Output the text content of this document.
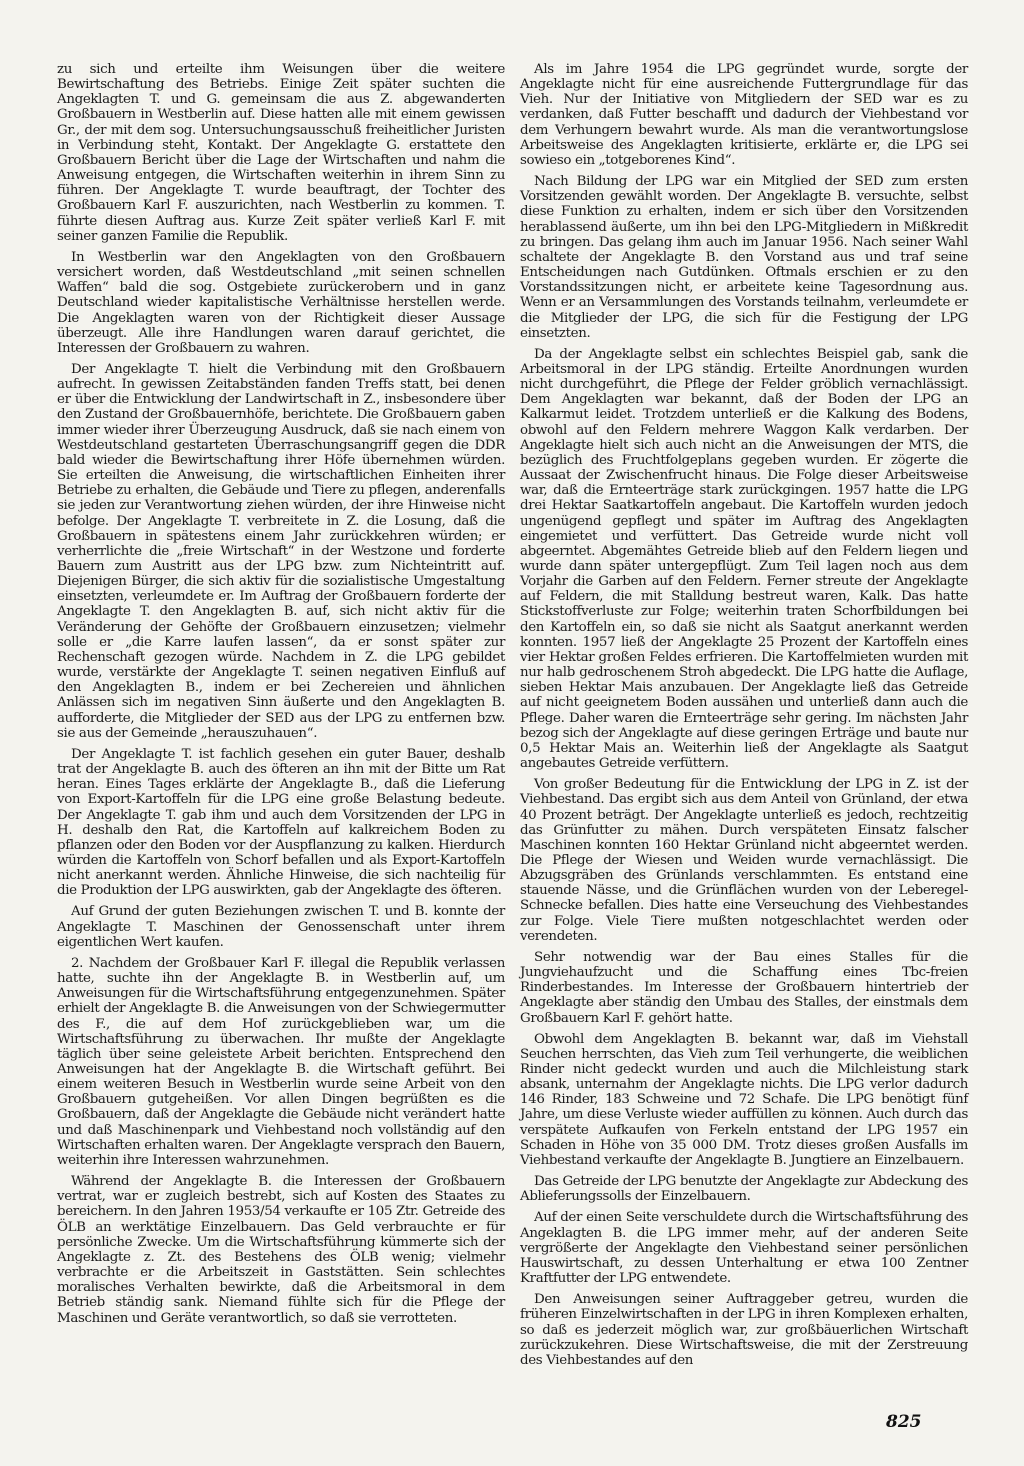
zu sich und erteilte ihm Weisungen über die weitere Bewirtschaftung des Betriebs. Einige Zeit später suchten die Angeklagten T. und G. gemeinsam die aus Z. abgewanderten Großbauern in Westberlin auf. Diese hatten alle mit einem gewissen Gr., der mit dem sog. Untersuchungsausschuß freiheitlicher Juristen in Verbindung steht, Kontakt. Der Angeklagte G. erstattete den Großbauern Bericht über die Lage der Wirtschaften und nahm die Anweisung entgegen, die Wirtschaften weiterhin in ihrem Sinn zu führen. Der Angeklagte T. wurde beauftragt, der Tochter des Großbauern Karl F. auszurichten, nach Westberlin zu kommen. T. führte diesen Auftrag aus. Kurze Zeit später verließ Karl F. mit seiner ganzen Familie die Republik.

In Westberlin war den Angeklagten von den Großbauern versichert worden, daß Westdeutschland „mit seinen schnellen Waffen“ bald die sog. Ostgebiete zurückerobern und in ganz Deutschland wieder kapitalistische Verhältnisse herstellen werde. Die Angeklagten waren von der Richtigkeit dieser Aussage überzeugt. Alle ihre Handlungen waren darauf gerichtet, die Interessen der Großbauern zu wahren.

Der Angeklagte T. hielt die Verbindung mit den Großbauern aufrecht. In gewissen Zeitabständen fanden Treffs statt, bei denen er über die Entwicklung der Landwirtschaft in Z., insbesondere über den Zustand der Großbauernhöfe, berichtete. Die Großbauern gaben immer wieder ihrer Überzeugung Ausdruck, daß sie nach einem von Westdeutschland gestarteten Überraschungsangriff gegen die DDR bald wieder die Bewirtschaftung ihrer Höfe übernehmen würden. Sie erteilten die Anweisung, die wirtschaftlichen Einheiten ihrer Betriebe zu erhalten, die Gebäude und Tiere zu pflegen, anderenfalls sie jeden zur Verantwortung ziehen würden, der ihre Hinweise nicht befolge. Der Angeklagte T. verbreitete in Z. die Losung, daß die Großbauern in spätestens einem Jahr zurückkehren würden; er verherrlichte die „freie Wirtschaft“ in der Westzone und forderte Bauern zum Austritt aus der LPG bzw. zum Nichteintritt auf. Diejenigen Bürger, die sich aktiv für die sozialistische Umgestaltung einsetzten, verleumdete er. Im Auftrag der Großbauern forderte der Angeklagte T. den Angeklagten B. auf, sich nicht aktiv für die Veränderung der Gehöfte der Großbauern einzusetzen; vielmehr solle er „die Karre laufen lassen“, da er sonst später zur Rechenschaft gezogen würde. Nachdem in Z. die LPG gebildet wurde, verstärkte der Angeklagte T. seinen negativen Einfluß auf den Angeklagten B., indem er bei Zechereien und ähnlichen Anlässen sich im negativen Sinn äußerte und den Angeklagten B. aufforderte, die Mitglieder der SED aus der LPG zu entfernen bzw. sie aus der Gemeinde „herauszuhauen“.

Der Angeklagte T. ist fachlich gesehen ein guter Bauer, deshalb trat der Angeklagte B. auch des öfteren an ihn mit der Bitte um Rat heran. Eines Tages erklärte der Angeklagte B., daß die Lieferung von Export-Kartoffeln für die LPG eine große Belastung bedeute. Der Angeklagte T. gab ihm und auch dem Vorsitzenden der LPG in H. deshalb den Rat, die Kartoffeln auf kalkreichem Boden zu pflanzen oder den Boden vor der Auspflanzung zu kalken. Hierdurch würden die Kartoffeln von Schorf befallen und als Export-Kartoffeln nicht anerkannt werden. Ähnliche Hinweise, die sich nachteilig für die Produktion der LPG auswirkten, gab der Angeklagte des öfteren.

Auf Grund der guten Beziehungen zwischen T. und B. konnte der Angeklagte T. Maschinen der Genossenschaft unter ihrem eigentlichen Wert kaufen.

2. Nachdem der Großbauer Karl F. illegal die Republik verlassen hatte, suchte ihn der Angeklagte B. in Westberlin auf, um Anweisungen für die Wirtschaftsführung entgegenzunehmen. Später erhielt der Angeklagte B. die Anweisungen von der Schwiegermutter des F., die auf dem Hof zurückgeblieben war, um die Wirtschaftsführung zu überwachen. Ihr mußte der Angeklagte täglich über seine geleistete Arbeit berichten. Entsprechend den Anweisungen hat der Angeklagte B. die Wirtschaft geführt. Bei einem weiteren Besuch in Westberlin wurde seine Arbeit von den Großbauern gutgeheißen. Vor allen Dingen begrüßten es die Großbauern, daß der Angeklagte die Gebäude nicht verändert hatte und daß Maschinenpark und Viehbestand noch vollständig auf den Wirtschaften erhalten waren. Der Angeklagte versprach den Bauern, weiterhin ihre Interessen wahrzunehmen.

Während der Angeklagte B. die Interessen der Großbauern vertrat, war er zugleich bestrebt, sich auf Kosten des Staates zu bereichern. In den Jahren 1953/54 verkaufte er 105 Ztr. Getreide des ÖLB an werktätige Einzelbauern. Das Geld verbrauchte er für persönliche Zwecke. Um die Wirtschaftsführung kümmerte sich der Angeklagte z. Zt. des Bestehens des ÖLB wenig; vielmehr verbrachte er die Arbeitszeit in Gaststätten. Sein schlechtes moralisches Verhalten bewirkte, daß die Arbeitsmoral in dem Betrieb ständig sank. Niemand fühlte sich für die Pflege der Maschinen und Geräte verantwortlich, so daß sie verrotteten.

Als im Jahre 1954 die LPG gegründet wurde, sorgte der Angeklagte nicht für eine ausreichende Futtergrundlage für das Vieh. Nur der Initiative von Mitgliedern der SED war es zu verdanken, daß Futter beschafft und dadurch der Viehbestand vor dem Verhungern bewahrt wurde. Als man die verantwortungslose Arbeitsweise des Angeklagten kritisierte, erklärte er, die LPG sei sowieso ein „totgeborenes Kind“.

Nach Bildung der LPG war ein Mitglied der SED zum ersten Vorsitzenden gewählt worden. Der Angeklagte B. versuchte, selbst diese Funktion zu erhalten, indem er sich über den Vorsitzenden herablassend äußerte, um ihn bei den LPG-Mitgliedern in Mißkredit zu bringen. Das gelang ihm auch im Januar 1956. Nach seiner Wahl schaltete der Angeklagte B. den Vorstand aus und traf seine Entscheidungen nach Gutdünken. Oftmals erschien er zu den Vorstandssitzungen nicht, er arbeitete keine Tagesordnung aus. Wenn er an Versammlungen des Vorstands teilnahm, verleumdete er die Mitglieder der LPG, die sich für die Festigung der LPG einsetzten.

Da der Angeklagte selbst ein schlechtes Beispiel gab, sank die Arbeitsmoral in der LPG ständig. Erteilte Anordnungen wurden nicht durchgeführt, die Pflege der Felder gröblich vernachlässigt. Dem Angeklagten war bekannt, daß der Boden der LPG an Kalkarmut leidet. Trotzdem unterließ er die Kalkung des Bodens, obwohl auf den Feldern mehrere Waggon Kalk verdarben. Der Angeklagte hielt sich auch nicht an die Anweisungen der MTS, die bezüglich des Fruchtfolgeplans gegeben wurden. Er zögerte die Aussaat der Zwischenfrucht hinaus. Die Folge dieser Arbeitsweise war, daß die Ernteerträge stark zurückgingen. 1957 hatte die LPG drei Hektar Saatkartoffeln angebaut. Die Kartoffeln wurden jedoch ungenügend gepflegt und später im Auftrag des Angeklagten eingemietet und verfüttert. Das Getreide wurde nicht voll abgeerntet. Abgemähtes Getreide blieb auf den Feldern liegen und wurde dann später untergepflügt. Zum Teil lagen noch aus dem Vorjahr die Garben auf den Feldern. Ferner streute der Angeklagte auf Feldern, die mit Stalldung bestreut waren, Kalk. Das hatte Stickstoffverluste zur Folge; weiterhin traten Schorfbildungen bei den Kartoffeln ein, so daß sie nicht als Saatgut anerkannt werden konnten. 1957 ließ der Angeklagte 25 Prozent der Kartoffeln eines vier Hektar großen Feldes erfrieren. Die Kartoffelmieten wurden mit nur halb gedroschenem Stroh abgedeckt. Die LPG hatte die Auflage, sieben Hektar Mais anzubauen. Der Angeklagte ließ das Getreide auf nicht geeignetem Boden aussähen und unterließ dann auch die Pflege. Daher waren die Ernteerträge sehr gering. Im nächsten Jahr bezog sich der Angeklagte auf diese geringen Erträge und baute nur 0,5 Hektar Mais an. Weiterhin ließ der Angeklagte als Saatgut angebautes Getreide verfüttern.

Von großer Bedeutung für die Entwicklung der LPG in Z. ist der Viehbestand. Das ergibt sich aus dem Anteil von Grünland, der etwa 40 Prozent beträgt. Der Angeklagte unterließ es jedoch, rechtzeitig das Grünfutter zu mähen. Durch verspäteten Einsatz falscher Maschinen konnten 160 Hektar Grünland nicht abgeerntet werden. Die Pflege der Wiesen und Weiden wurde vernachlässigt. Die Abzugsgräben des Grünlands verschlammten. Es entstand eine stauende Nässe, und die Grünflächen wurden von der Leberegel-Schnecke befallen. Dies hatte eine Verseuchung des Viehbestandes zur Folge. Viele Tiere mußten notgeschlachtet werden oder verendeten.

Sehr notwendig war der Bau eines Stalles für die Jungviehaufzucht und die Schaffung eines Tbc-freien Rinderbestandes. Im Interesse der Großbauern hintertrieb der Angeklagte aber ständig den Umbau des Stalles, der einstmals dem Großbauern Karl F. gehört hatte.

Obwohl dem Angeklagten B. bekannt war, daß im Viehstall Seuchen herrschten, das Vieh zum Teil verhungerte, die weiblichen Rinder nicht gedeckt wurden und auch die Milchleistung stark absank, unternahm der Angeklagte nichts. Die LPG verlor dadurch 146 Rinder, 183 Schweine und 72 Schafe. Die LPG benötigt fünf Jahre, um diese Verluste wieder auffüllen zu können. Auch durch das verspätete Aufkaufen von Ferkeln entstand der LPG 1957 ein Schaden in Höhe von 35 000 DM. Trotz dieses großen Ausfalls im Viehbestand verkaufte der Angeklagte B. Jungtiere an Einzelbauern.

Das Getreide der LPG benutzte der Angeklagte zur Abdeckung des Ablieferungssolls der Einzelbauern.

Auf der einen Seite verschuldete durch die Wirtschaftsführung des Angeklagten B. die LPG immer mehr, auf der anderen Seite vergrößerte der Angeklagte den Viehbestand seiner persönlichen Hauswirtschaft, zu dessen Unterhaltung er etwa 100 Zentner Kraftfutter der LPG entwendete.

Den Anweisungen seiner Auftraggeber getreu, wurden die früheren Einzelwirtschaften in der LPG in ihren Komplexen erhalten, so daß es jederzeit möglich war, zur großbäuerlichen Wirtschaft zurückzukehren. Diese Wirtschaftsweise, die mit der Zerstreuung des Viehbestandes auf den

825
